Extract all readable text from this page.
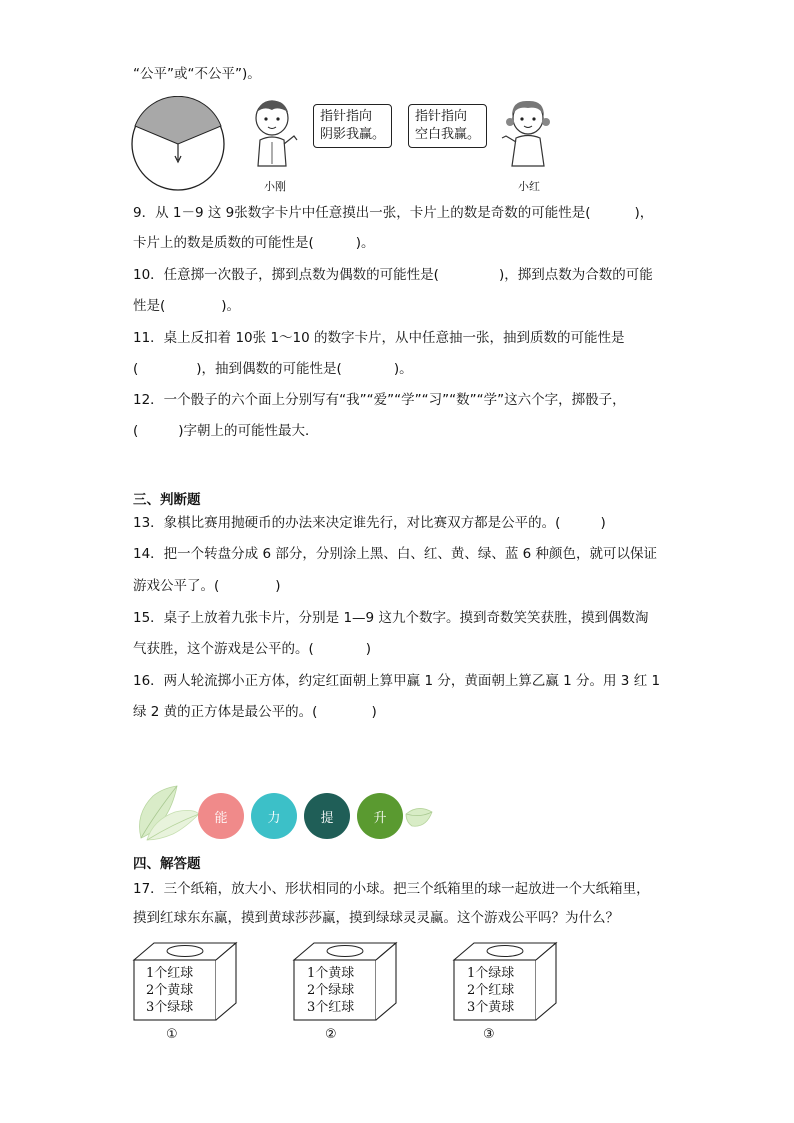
“公平”或“不公平”)。
指针指向
阴影我赢。
指针指向
空白我赢。
小刚	小红
9．从 1－9 这 9张数字卡片中任意摸出一张，卡片上的数是奇数的可能性是(	)，
卡片上的数是质数的可能性是(	)。
10．任意掷一次骰子，掷到点数为偶数的可能性是(	)，掷到点数为合数的可能
性是(	)。
11．桌上反扣着 10张 1～10 的数字卡片，从中任意抽一张，抽到质数的可能性是
(	)，抽到偶数的可能性是(	)。
12．一个骰子的六个面上分别写有“我”“爱”“学”“习”“数”“学”这六个字，掷骰子，
(	)字朝上的可能性最大．
三、判断题
13．象棋比赛用抛硬币的办法来决定谁先行，对比赛双方都是公平的。(	)
14．把一个转盘分成 6 部分，分别涂上黑、白、红、黄、绿、蓝 6 种颜色，就可以保证
游戏公平了。(	)
15．桌子上放着九张卡片，分别是 1—9 这九个数字。摸到奇数笑笑获胜，摸到偶数淘
气获胜，这个游戏是公平的。(	)
16．两人轮流掷小正方体，约定红面朝上算甲赢 1 分，黄面朝上算乙赢 1 分。用 3 红 1
绿 2 黄的正方体是最公平的。(	)
能	力	提	升
四、解答题
17．三个纸箱，放大小、形状相同的小球。把三个纸箱里的球一起放进一个大纸箱里，
摸到红球东东赢，摸到黄球莎莎赢，摸到绿球灵灵赢。这个游戏公平吗？为什么？
1个红球
2个黄球
3个绿球
①
1个黄球
2个绿球
3个红球
②
1个绿球
2个红球
3个黄球
③
